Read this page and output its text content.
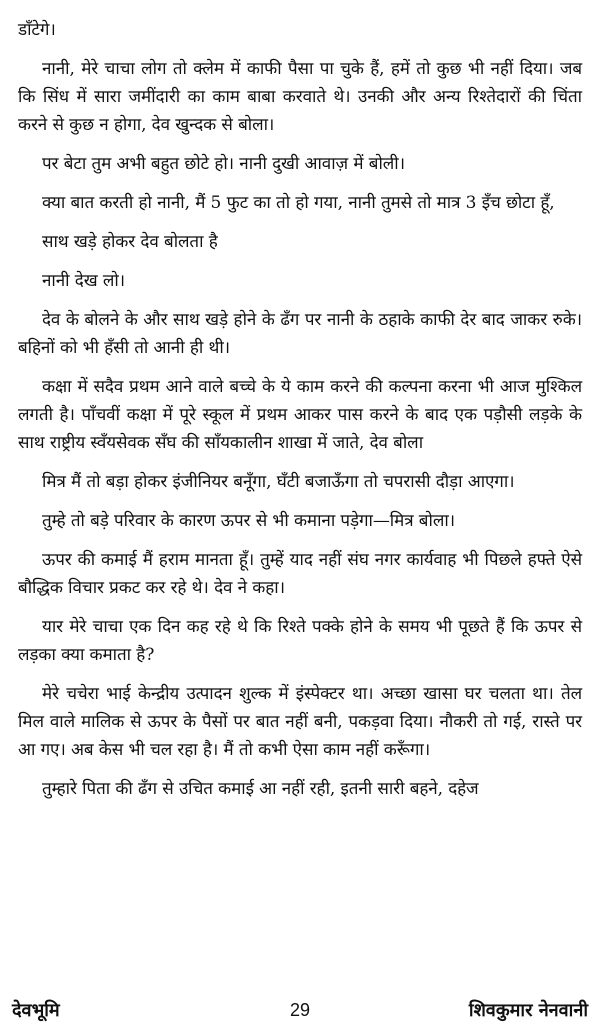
डाँटेगे।

नानी, मेरे चाचा लोग तो क्लेम में काफी पैसा पा चुके हैं, हमें तो कुछ भी नहीं दिया। जब कि सिंध में सारा जमींदारी का काम बाबा करवाते थे। उनकी और अन्य रिश्तेदारों की चिंता करने से कुछ न होगा, देव खुन्दक से बोला।

पर बेटा तुम अभी बहुत छोटे हो। नानी दुखी आवाज़ में बोली।

क्या बात करती हो नानी, मैं 5 फुट का तो हो गया, नानी तुमसे तो मात्र 3 इँच छोटा हूँ,

साथ खड़े होकर देव बोलता है

नानी देख लो।

देव के बोलने के और साथ खड़े होने के ढँग पर नानी के ठहाके काफी देर बाद जाकर रुके। बहिनों को भी हँसी तो आनी ही थी।

कक्षा में सदैव प्रथम आने वाले बच्चे के ये काम करने की कल्पना करना भी आज मुश्किल लगती है। पाँचवीं कक्षा में पूरे स्कूल में प्रथम आकर पास करने के बाद एक पड़ौसी लड़के के साथ राष्ट्रीय स्वँयसेवक सँघ की साँयकालीन शाखा में जाते, देव बोला

मित्र मैं तो बड़ा होकर इंजीनियर बनूँगा, घँटी बजाऊँगा तो चपरासी दौड़ा आएगा।

तुम्हे तो बड़े परिवार के कारण ऊपर से भी कमाना पड़ेगा—मित्र बोला।

ऊपर की कमाई मैं हराम मानता हूँ। तुम्हें याद नहीं संघ नगर कार्यवाह भी पिछले हफ्ते ऐसे बौद्धिक विचार प्रकट कर रहे थे। देव ने कहा।

यार मेरे चाचा एक दिन कह रहे थे कि रिश्ते पक्के होने के समय भी पूछते हैं कि ऊपर से लड़का क्या कमाता है?

मेरे चचेरा भाई केन्द्रीय उत्पादन शुल्क में इंस्पेक्टर था। अच्छा खासा घर चलता था। तेल मिल वाले मालिक से ऊपर के पैसों पर बात नहीं बनी, पकड़वा दिया। नौकरी तो गई, रास्ते पर आ गए। अब केस भी चल रहा है। मैं तो कभी ऐसा काम नहीं करूँगा।

तुम्हारे पिता की ढँग से उचित कमाई आ नहीं रही, इतनी सारी बहने, दहेज

देवभूमि	29	शिवकुमार नेनवानी
